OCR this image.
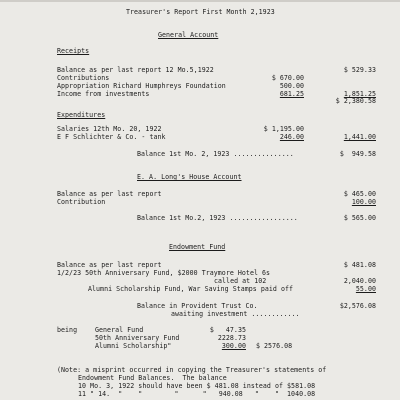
Treasurer's Report First Month 2,1923
General Account
Receipts
Balance as per last report 12 Mo.5,1922	$ 529.33
Contributions	$ 670.00
Appropriation Richard Humphreys Foundation	500.00
Income from investments	681.25	1,851.25
$ 2,380.58
Expenditures
Salaries 12th Mo. 20, 1922	$ 1,195.00
E F Schlichter & Co. - tank	246.00	1,441.00
Balance 1st Mo. 2, 1923 ...............	$  949.58
E. A. Long's House Account
Balance as per last report	$ 465.00
Contribution	100.00
Balance 1st Mo.2, 1923 .................	$ 565.00
Endowment Fund
Balance as per last report	$ 481.08
1/2/23 50th Anniversary Fund, $2000 Traymore Hotel 6s
called at 102	2,040.00
Alumni Scholarship Fund, War Saving Stamps paid off	55.00
Balance in Provident Trust Co.	$2,576.08
awaiting investment ............
being	General Fund	$   47.35
50th Anniversary Fund	2228.73
Alumni Scholarship"	300.00 $ 2576.08
(Note: a misprint occurred in copying the Treasurer's statements of
Endowment Fund Balances.  The balance
10 Mo. 3, 1922 should have been $ 481.08 instead of $581.08
11 " 14.  "    "        "      "   940.08   "    "  1040.08
